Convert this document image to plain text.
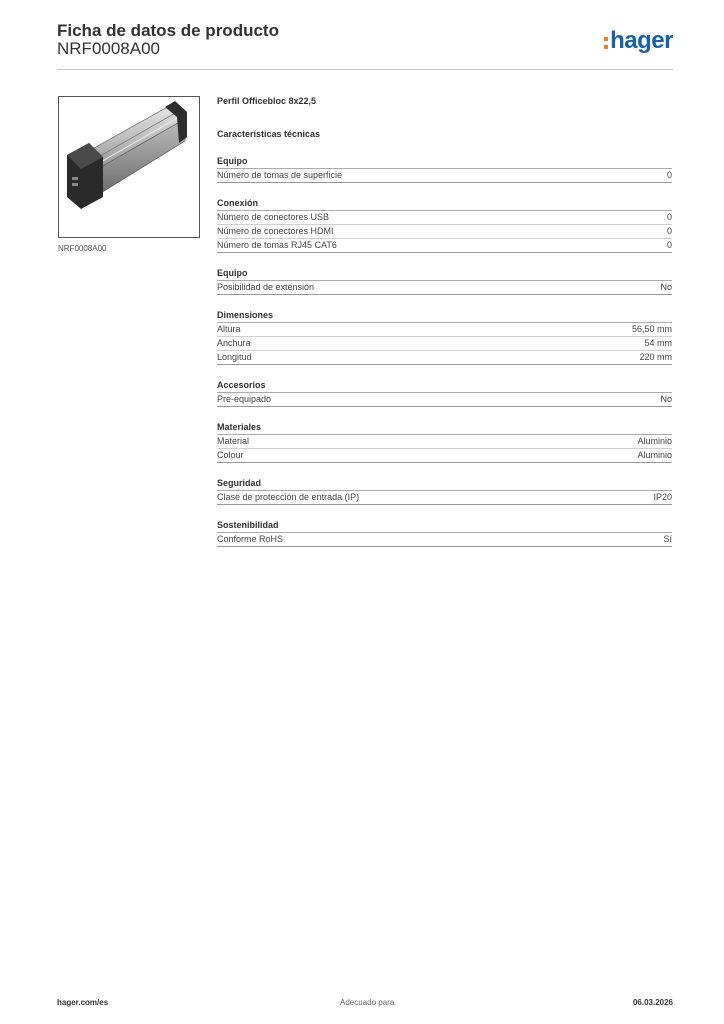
Ficha de datos de producto
NRF0008A00	hager
NRF0008A00
Perfil Officebloc 8x22,5
Características técnicas
Equipo
Número de tomas de superficie	0
Conexión
Número de conectores USB	0
Número de conectores HDMI	0
Número de tomas RJ45 CAT6	0
Equipo
Posibilidad de extensión	No
Dimensiones
Altura	56,50 mm
Anchura	54 mm
Longitud	220 mm
Accesorios
Pre-equipado	No
Materiales
Material	Aluminio
Colour	Aluminio
Seguridad
Clase de protección de entrada (IP)	IP20
Sostenibilidad
Conforme RoHS	Sí
hager.com/es	Adecuado para	06.03.2026
